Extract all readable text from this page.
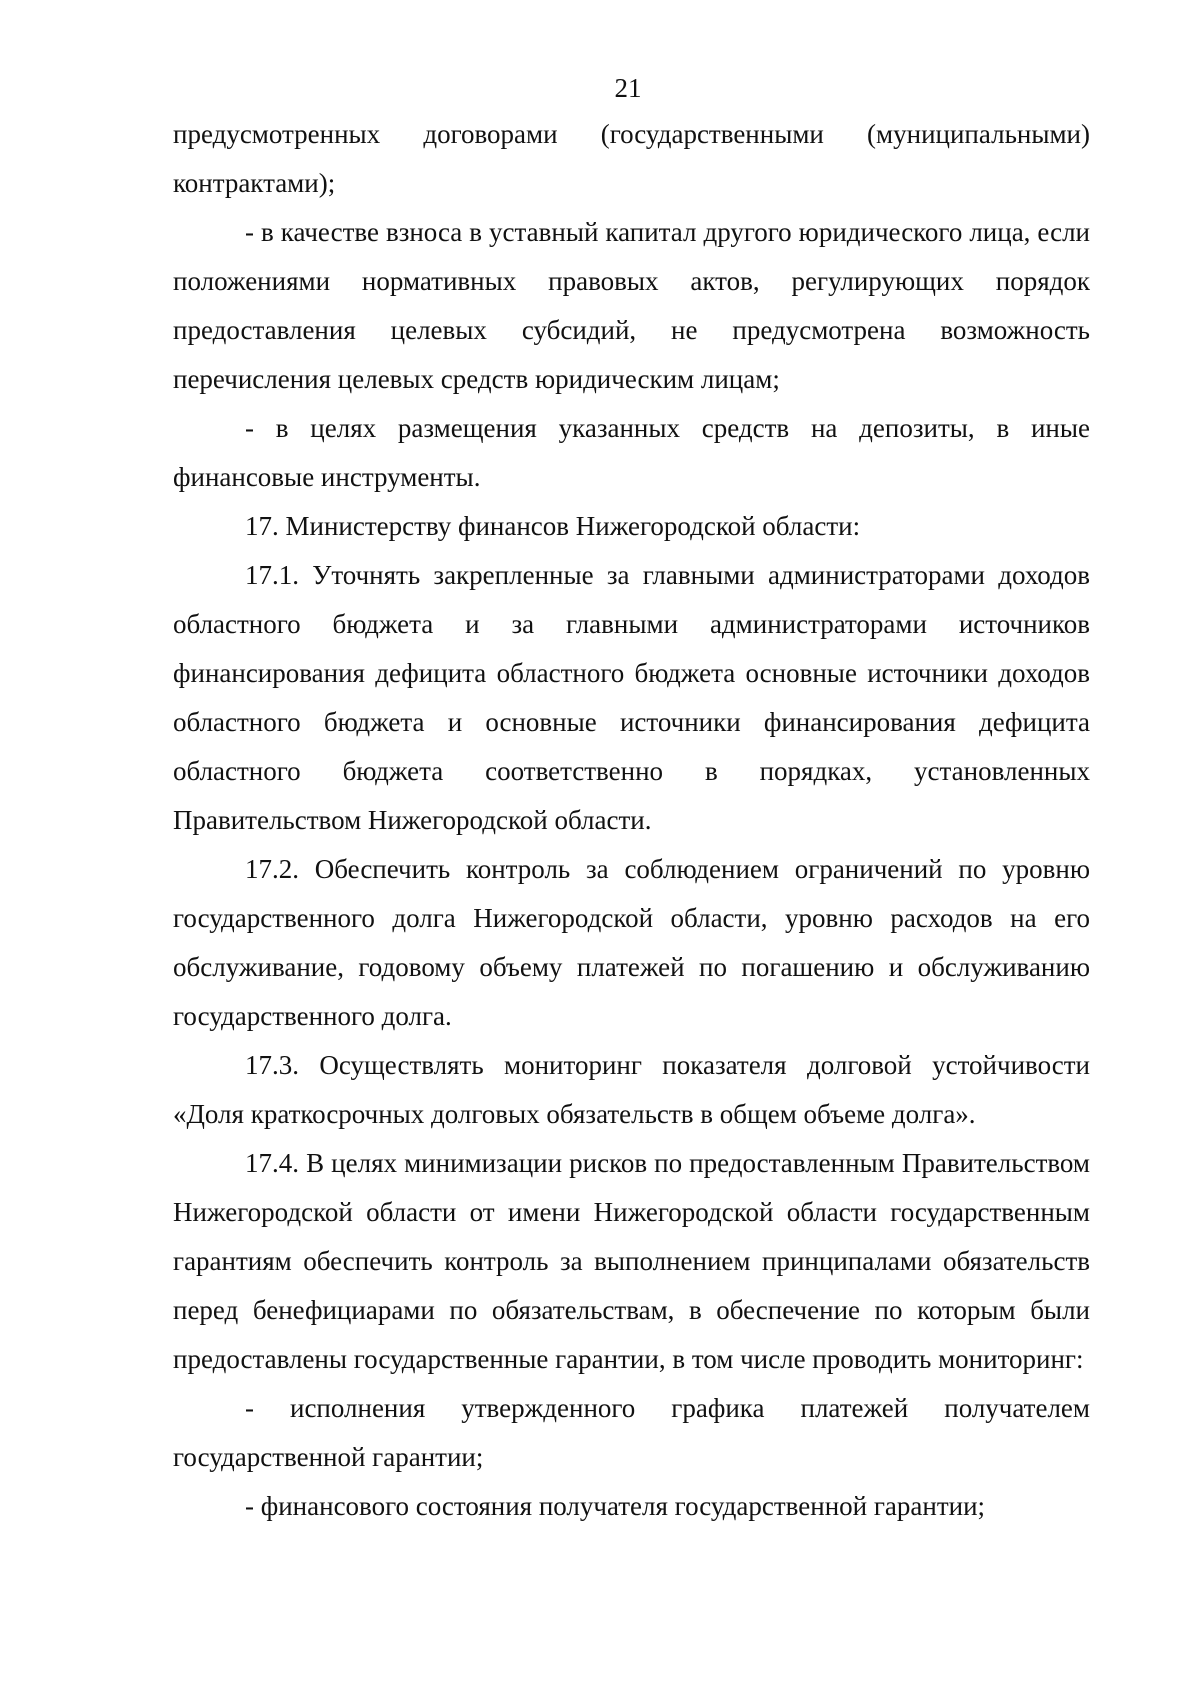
21

предусмотренных договорами (государственными (муниципальными) контрактами);

- в качестве взноса в уставный капитал другого юридического лица, если положениями нормативных правовых актов, регулирующих порядок предоставления целевых субсидий, не предусмотрена возможность перечисления целевых средств юридическим лицам;

- в целях размещения указанных средств на депозиты, в иные финансовые инструменты.

17. Министерству финансов Нижегородской области:

17.1. Уточнять закрепленные за главными администраторами доходов областного бюджета и за главными администраторами источников финансирования дефицита областного бюджета основные источники доходов областного бюджета и основные источники финансирования дефицита областного бюджета соответственно в порядках, установленных Правительством Нижегородской области.

17.2. Обеспечить контроль за соблюдением ограничений по уровню государственного долга Нижегородской области, уровню расходов на его обслуживание, годовому объему платежей по погашению и обслуживанию государственного долга.

17.3. Осуществлять мониторинг показателя долговой устойчивости «Доля краткосрочных долговых обязательств в общем объеме долга».

17.4. В целях минимизации рисков по предоставленным Правительством Нижегородской области от имени Нижегородской области государственным гарантиям обеспечить контроль за выполнением принципалами обязательств перед бенефициарами по обязательствам, в обеспечение по которым были предоставлены государственные гарантии, в том числе проводить мониторинг:

- исполнения утвержденного графика платежей получателем государственной гарантии;

- финансового состояния получателя государственной гарантии;
